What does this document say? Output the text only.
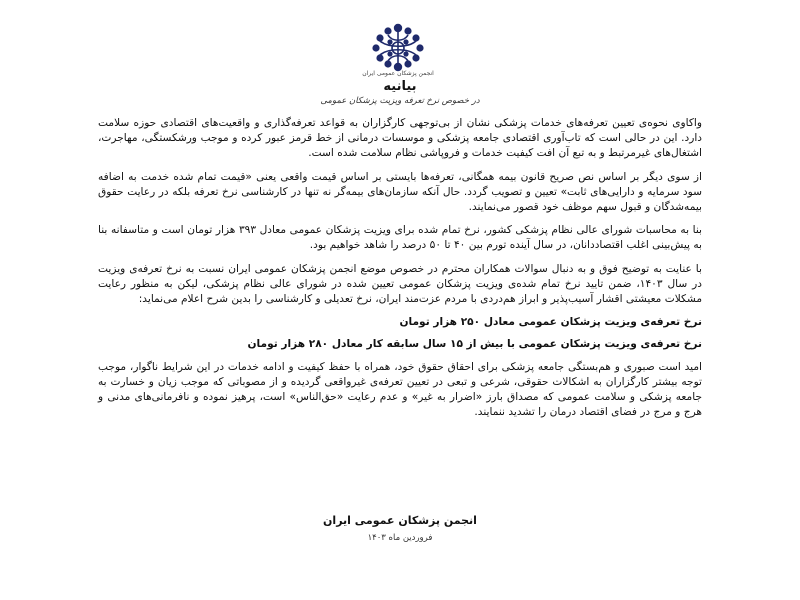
انجمن پزشکان عمومی ایران
بیانیه
در خصوص نرخ تعرفه ویزیت پزشکان عمومی

واکاوی نحوه‌ی تعیین تعرفه‌های خدمات پزشکی نشان از بی‌توجهی کارگزاران به قواعد تعرفه‌گذاری و واقعیت‌های اقتصادی حوزه سلامت دارد. این در حالی است که تاب‌آوری اقتصادی جامعه پزشکی و موسسات درمانی از خط قرمز عبور کرده و موجب ورشکستگی، مهاجرت، اشتغال‌های غیرمرتبط و به تبع آن افت کیفیت خدمات و فروپاشی نظام سلامت شده است.

از سوی دیگر بر اساس نص صریح قانون بیمه همگانی، تعرفه‌ها بایستی بر اساس قیمت واقعی یعنی «قیمت تمام شده خدمت به اضافه سود سرمایه و دارایی‌های ثابت» تعیین و تصویب گردد. حال آنکه سازمان‌های بیمه‌گر نه تنها در کارشناسی نرخ تعرفه بلکه در رعایت حقوق بیمه‌شدگان و قبول سهم موظف خود قصور می‌نمایند.

بنا به محاسبات شورای عالی نظام پزشکی کشور، نرخ تمام شده برای ویزیت پزشکان عمومی معادل ۳۹۳ هزار تومان است و متاسفانه بنا به پیش‌بینی اغلب اقتصاددانان، در سال آینده تورم بین ۴۰ تا ۵۰ درصد را شاهد خواهیم بود.

با عنایت به توضیح فوق و به دنبال سوالات همکاران محترم در خصوص موضع انجمن پزشکان عمومی ایران نسبت به نرخ تعرفه‌ی ویزیت در سال ۱۴۰۳، ضمن تایید نرخ تمام شده‌ی ویزیت پزشکان عمومی تعیین شده در شورای عالی نظام پزشکی، لیکن به منظور رعایت مشکلات معیشتی اقشار آسیب‌پذیر و ابراز هم‌دردی با مردم عزت‌مند ایران، نرخ تعدیلی و کارشناسی را بدین شرح اعلام می‌نماید:

نرخ تعرفه‌ی ویزیت پزشکان عمومی معادل ۲۵۰ هزار تومان

نرخ تعرفه‌ی ویزیت پزشکان عمومی با بیش از ۱۵ سال سابقه کار معادل ۲۸۰ هزار تومان

امید است صبوری و هم‌بستگی جامعه پزشکی برای احقاق حقوق خود، همراه با حفظ کیفیت و ادامه خدمات در این شرایط ناگوار، موجب توجه بیشتر کارگزاران به اشکالات حقوقی، شرعی و تبعی در تعیین تعرفه‌ی غیرواقعی گردیده و از مصوباتی که موجب زیان و خسارت به جامعه پزشکی و سلامت عمومی که مصداق بارز «اضرار به غیر» و عدم رعایت «حق‌الناس» است، پرهیز نموده و نافرمانی‌های مدنی و هرج و مرج در فضای اقتصاد درمان را تشدید ننمایند.

انجمن پزشکان عمومی ایران
فروردین ماه ۱۴۰۳
